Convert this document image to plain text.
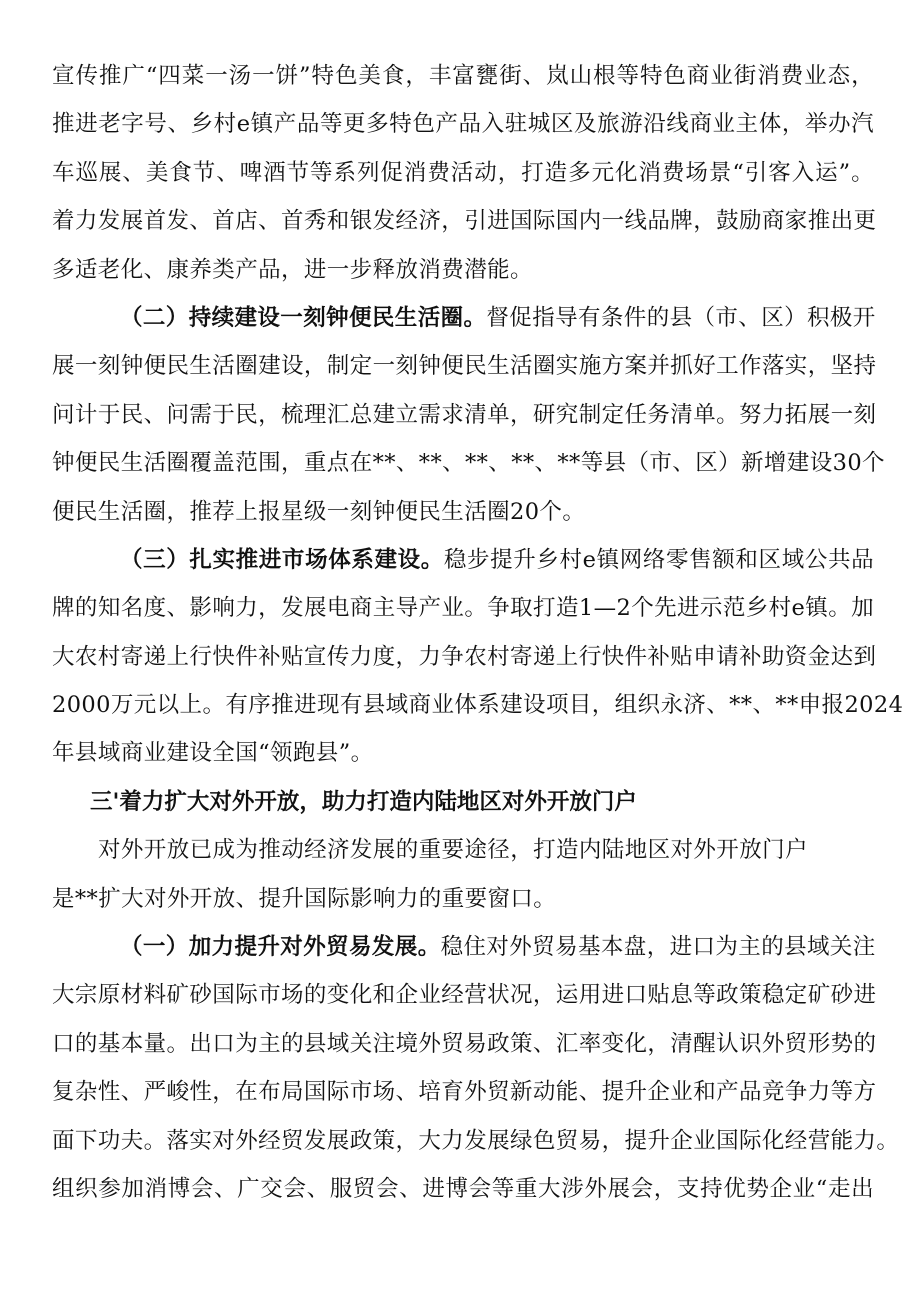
宣传推广“四菜一汤一饼”特色美食，丰富甕街、岚山根等特色商业街消费业态，
推进老字号、乡村e镇产品等更多特色产品入驻城区及旅游沿线商业主体，举办汽
车巡展、美食节、啤酒节等系列促消费活动，打造多元化消费场景“引客入运”。
着力发展首发、首店、首秀和银发经济，引进国际国内一线品牌，鼓励商家推出更
多适老化、康养类产品，进一步释放消费潜能。
（二）持续建设一刻钟便民生活圈。督促指导有条件的县（市、区）积极开
展一刻钟便民生活圈建设，制定一刻钟便民生活圈实施方案并抓好工作落实，坚持
问计于民、问需于民，梳理汇总建立需求清单，研究制定任务清单。努力拓展一刻
钟便民生活圈覆盖范围，重点在**、**、**、**、**等县（市、区）新增建设30个
便民生活圈，推荐上报星级一刻钟便民生活圈20个。
（三）扎实推进市场体系建设。稳步提升乡村e镇网络零售额和区域公共品
牌的知名度、影响力，发展电商主导产业。争取打造1—2个先进示范乡村e镇。加
大农村寄递上行快件补贴宣传力度，力争农村寄递上行快件补贴申请补助资金达到
2000万元以上。有序推进现有县域商业体系建设项目，组织永济、**、**申报2024
年县域商业建设全国“领跑县”。
三'着力扩大对外开放，助力打造内陆地区对外开放门户
对外开放已成为推动经济发展的重要途径，打造内陆地区对外开放门户
是**扩大对外开放、提升国际影响力的重要窗口。
（一）加力提升对外贸易发展。稳住对外贸易基本盘，进口为主的县域关注
大宗原材料矿砂国际市场的变化和企业经营状况，运用进口贴息等政策稳定矿砂进
口的基本量。出口为主的县域关注境外贸易政策、汇率变化，清醒认识外贸形势的
复杂性、严峻性，在布局国际市场、培育外贸新动能、提升企业和产品竞争力等方
面下功夫。落实对外经贸发展政策，大力发展绿色贸易，提升企业国际化经营能力。
组织参加消博会、广交会、服贸会、进博会等重大涉外展会，支持优势企业“走出
